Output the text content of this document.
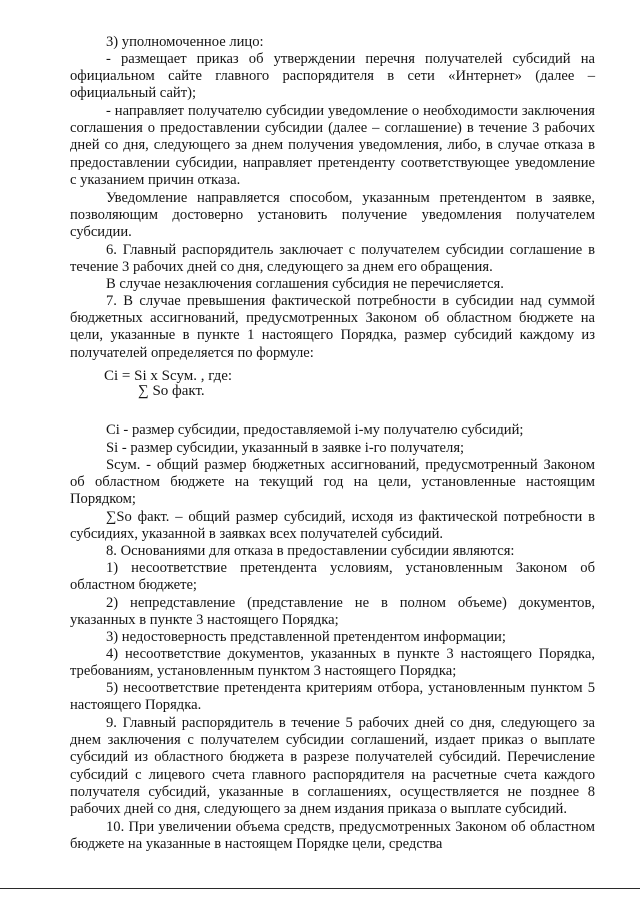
3) уполномоченное лицо:

- размещает приказ об утверждении перечня получателей субсидий на официальном сайте главного распорядителя в сети «Интернет» (далее – официальный сайт);

- направляет получателю субсидии уведомление о необходимости заключения соглашения о предоставлении субсидии (далее – соглашение) в течение 3 рабочих дней со дня, следующего за днем получения уведомления, либо, в случае отказа в предоставлении субсидии, направляет претенденту соответствующее уведомление с указанием причин отказа.

Уведомление направляется способом, указанным претендентом в заявке, позволяющим достоверно установить получение уведомления получателем субсидии.

6. Главный распорядитель заключает с получателем субсидии соглашение в течение 3 рабочих дней со дня, следующего за днем его обращения.

В случае незаключения соглашения субсидия не перечисляется.

7. В случае превышения фактической потребности в субсидии над суммой бюджетных ассигнований, предусмотренных Законом об областном бюджете на цели, указанные в пункте 1 настоящего Порядка, размер субсидий каждому из получателей определяется по формуле:

Ci = Si x Sсум. , где:
∑ So факт.

Ci - размер субсидии, предоставляемой i-му получателю субсидий;

Si - размер субсидии, указанный в заявке i-го получателя;

Sсум. - общий размер бюджетных ассигнований, предусмотренный Законом об областном бюджете на текущий год на цели, установленные настоящим Порядком;

∑So факт. – общий размер субсидий, исходя из фактической потребности в субсидиях, указанной в заявках всех получателей субсидий.

8. Основаниями для отказа в предоставлении субсидии являются:

1) несоответствие претендента условиям, установленным Законом об областном бюджете;

2) непредставление (представление не в полном объеме) документов, указанных в пункте 3 настоящего Порядка;

3) недостоверность представленной претендентом информации;

4) несоответствие документов, указанных в пункте 3 настоящего Порядка, требованиям, установленным пунктом 3 настоящего Порядка;

5) несоответствие претендента критериям отбора, установленным пунктом 5 настоящего Порядка.

9. Главный распорядитель в течение 5 рабочих дней со дня, следующего за днем заключения с получателем субсидии соглашений, издает приказ о выплате субсидий из областного бюджета в разрезе получателей субсидий. Перечисление субсидий с лицевого счета главного распорядителя на расчетные счета каждого получателя субсидий, указанные в соглашениях, осуществляется не позднее 8 рабочих дней со дня, следующего за днем издания приказа о выплате субсидий.

10. При увеличении объема средств, предусмотренных Законом об областном бюджете на указанные в настоящем Порядке цели, средства
